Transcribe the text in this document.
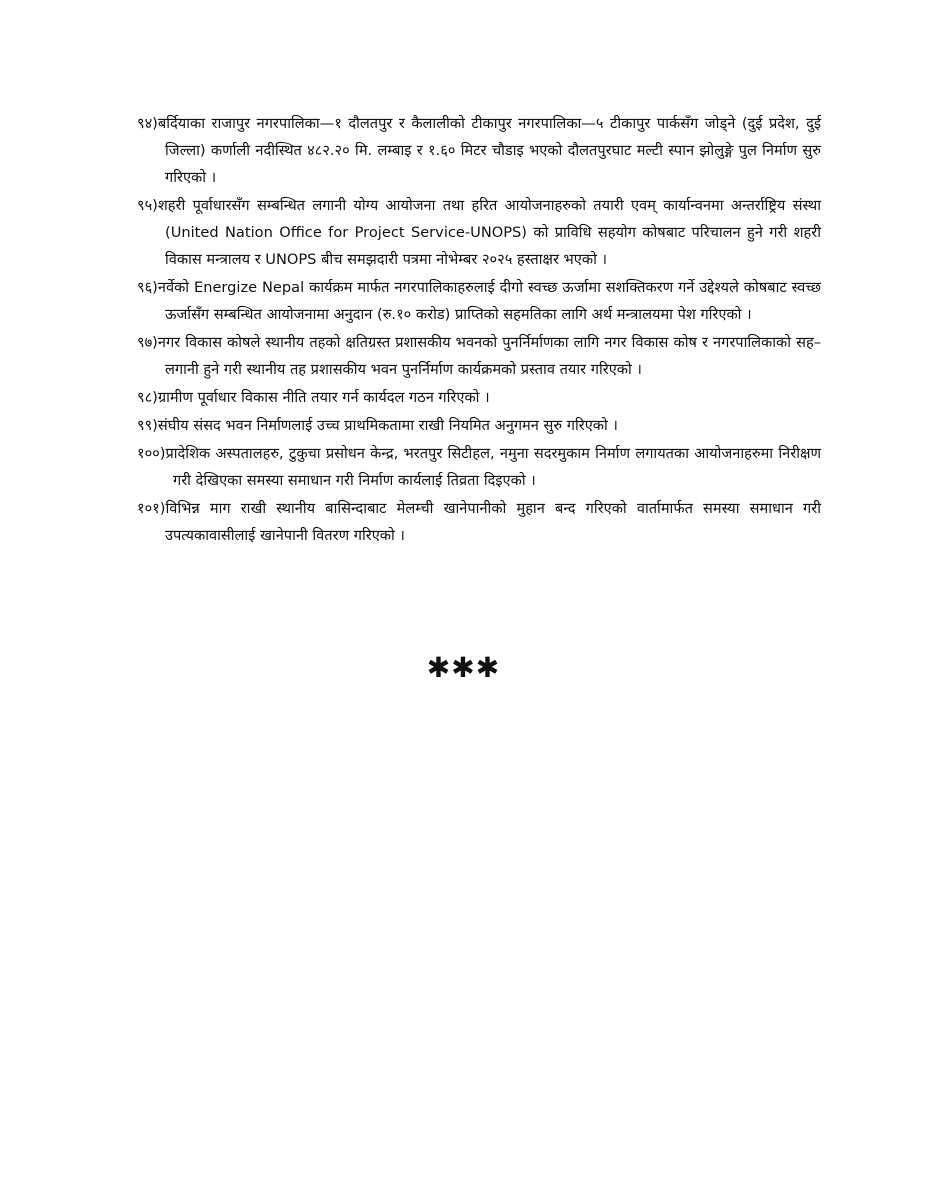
९४)बर्दियाका राजापुर नगरपालिका—१ दौलतपुर र कैलालीको टीकापुर नगरपालिका—५ टीकापुर पार्कसँग जोड्ने (दुई प्रदेश, दुई जिल्ला) कर्णाली नदीस्थित ४८२.२० मि. लम्बाइ र १.६० मिटर चौडाइ भएको दौलतपुरघाट मल्टी स्पान झोलुङ्गे पुल निर्माण सुरु गरिएको ।
९५)शहरी पूर्वाधारसँग सम्बन्धित लगानी योग्य आयोजना तथा हरित आयोजनाहरुको तयारी एवम् कार्यान्वनमा अन्तर्राष्ट्रिय संस्था (United Nation Office for Project Service-UNOPS) को प्राविधि सहयोग कोषबाट परिचालन हुने गरी शहरी विकास मन्त्रालय र UNOPS बीच समझदारी पत्रमा नोभेम्बर २०२५ हस्ताक्षर भएको ।
९६)नर्वेको Energize Nepal कार्यक्रम मार्फत नगरपालिकाहरुलाई दीगो स्वच्छ ऊर्जामा सशक्तिकरण गर्ने उद्देश्यले कोषबाट स्वच्छ ऊर्जासँग सम्बन्धित आयोजनामा अनुदान (रु.१० करोड) प्राप्तिको सहमतिका लागि अर्थ मन्त्रालयमा पेश गरिएको ।
९७)नगर विकास कोषले स्थानीय तहको क्षतिग्रस्त प्रशासकीय भवनको पुनर्निर्माणका लागि नगर विकास कोष र नगरपालिकाको सह–लगानी हुने गरी स्थानीय तह प्रशासकीय भवन पुनर्निर्माण कार्यक्रमको प्रस्ताव तयार गरिएको ।
९८)ग्रामीण पूर्वाधार विकास नीति तयार गर्न कार्यदल गठन गरिएको ।
९९)संघीय संसद भवन निर्माणलाई उच्च प्राथमिकतामा राखी नियमित अनुगमन सुरु गरिएको ।
१००)प्रादेशिक अस्पतालहरु, टुकुचा प्रसोधन केन्द्र, भरतपुर सिटीहल, नमुना सदरमुकाम निर्माण लगायतका आयोजनाहरुमा निरीक्षण गरी देखिएका समस्या समाधान गरी निर्माण कार्यलाई तिव्रता दिइएको ।
१०१)विभिन्न माग राखी स्थानीय बासिन्दाबाट मेलम्ची खानेपानीको मुहान बन्द गरिएको वार्तामार्फत समस्या समाधान गरी उपत्यकावासीलाई खानेपानी वितरण गरिएको ।
✱✱✱
